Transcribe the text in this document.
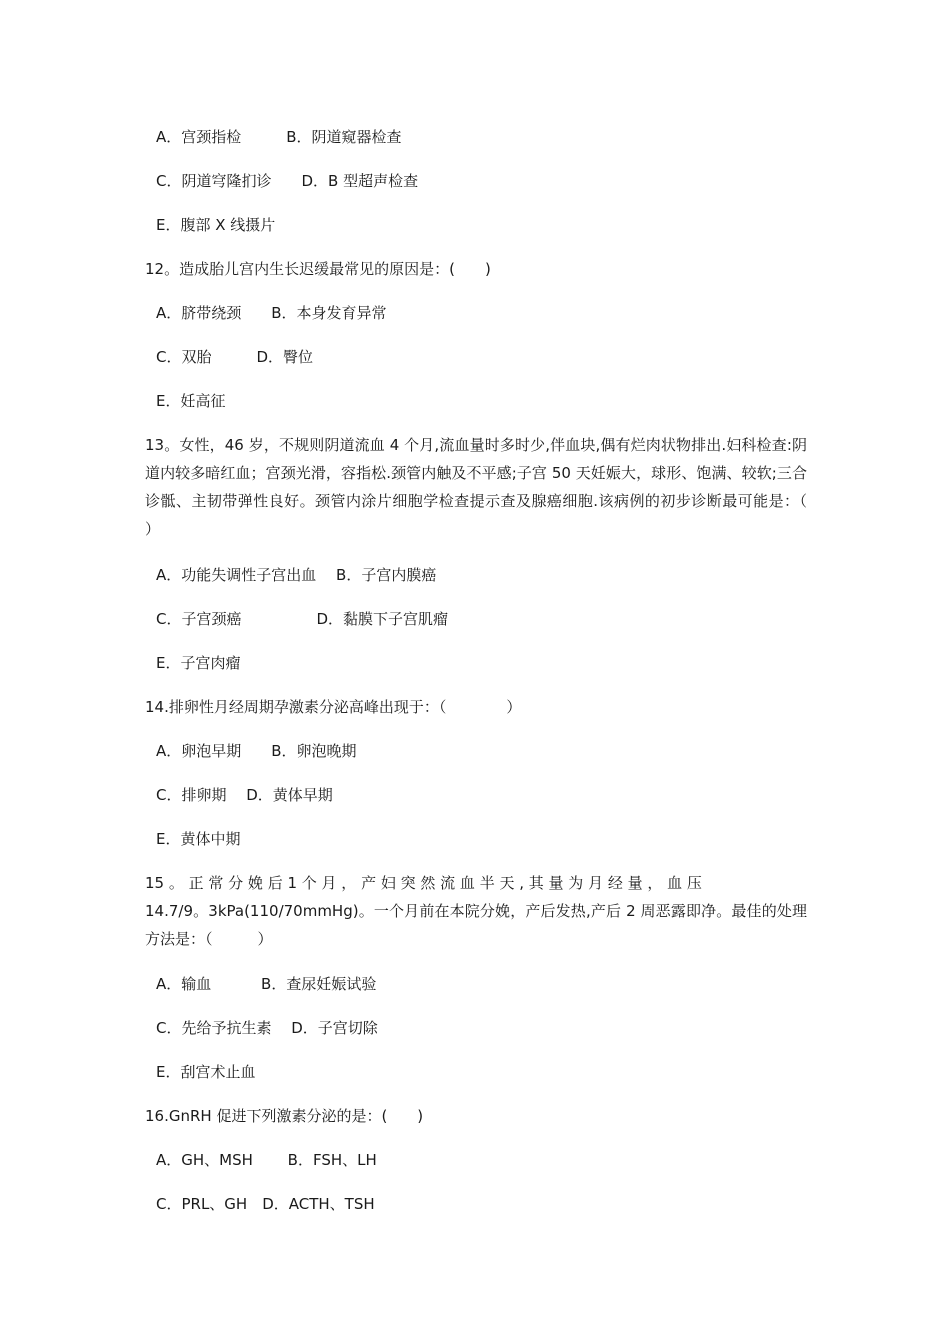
A．宫颈指检　　　B．阴道窥器检查
C．阴道穹隆扪诊　　D．B 型超声检查
E．腹部 X 线摄片
12。造成胎儿宫内生长迟缓最常见的原因是：(　　)
A．脐带绕颈　　B．本身发育异常
C．双胎　　　D．臀位
E．妊高征
13。女性，46 岁，不规则阴道流血 4 个月,流血量时多时少,伴血块,偶有烂肉状物排出.妇科检查:阴道内较多暗红血；宫颈光滑，容指松.颈管内触及不平感;子宫 50 天妊娠大，球形、饱满、较软;三合诊骶、主韧带弹性良好。颈管内涂片细胞学检查提示查及腺癌细胞.该病例的初步诊断最可能是：（　　　　）
A．功能失调性子宫出血　 B．子宫内膜癌
C．子宫颈癌　　　　　D．黏膜下子宫肌瘤
E．子宫肉瘤
14.排卵性月经周期孕激素分泌高峰出现于：（　　　　）
A．卵泡早期　　B．卵泡晚期
C．排卵期　 D．黄体早期
E．黄体中期
15 。 正 常 分 娩 后 1 个 月 ， 产 妇 突 然 流 血 半 天 , 其 量 为 月 经 量 ， 血 压
14.7/9。3kPa(110/70mmHg)。一个月前在本院分娩，产后发热,产后 2 周恶露即净。最佳的处理方法是：（　　　）
A．输血　　　 B．查尿妊娠试验
C．先给予抗生素　 D．子宫切除
E．刮宫术止血
16.GnRH 促进下列激素分泌的是：(　　)
A．GH、MSH　　 B．FSH、LH
C．PRL、GH　D．ACTH、TSH
